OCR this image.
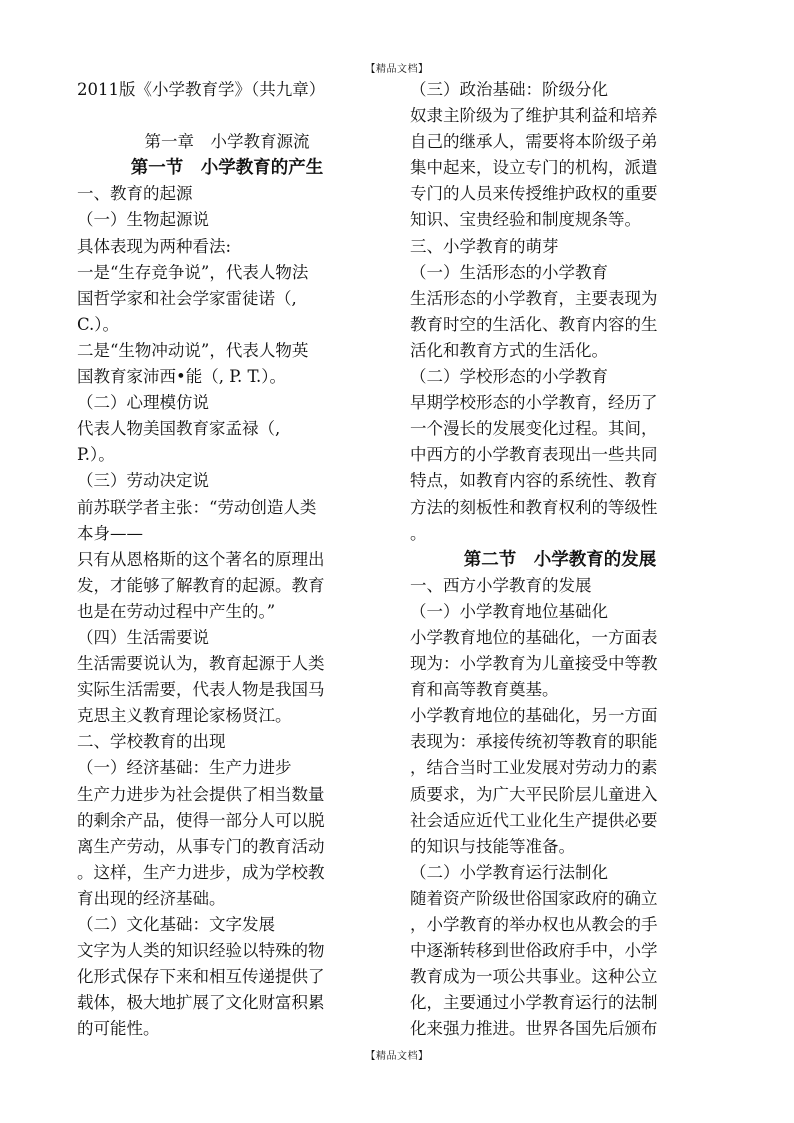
【精品文档】
2011版《小学教育学》（共九章）
第一章　小学教育源流
第一节　小学教育的产生
一、教育的起源
（一）生物起源说
具体表现为两种看法:
一是“生存竞争说”，代表人物法
国哲学家和社会学家雷徒诺（,
C.）。
二是“生物冲动说”，代表人物英
国教育家沛西•能（, P. T.）。
（二）心理模仿说
代表人物美国教育家孟禄（,
P.）。
（三）劳动决定说
前苏联学者主张：“劳动创造人类
本身——
只有从恩格斯的这个著名的原理出
发，才能够了解教育的起源。教育
也是在劳动过程中产生的。”
（四）生活需要说
生活需要说认为，教育起源于人类
实际生活需要，代表人物是我国马
克思主义教育理论家杨贤江。
二、学校教育的出现
（一）经济基础：生产力进步
生产力进步为社会提供了相当数量
的剩余产品，使得一部分人可以脱
离生产劳动，从事专门的教育活动
。这样，生产力进步，成为学校教
育出现的经济基础。
（二）文化基础：文字发展
文字为人类的知识经验以特殊的物
化形式保存下来和相互传递提供了
载体，极大地扩展了文化财富积累
的可能性。
（三）政治基础：阶级分化
奴隶主阶级为了维护其利益和培养
自己的继承人，需要将本阶级子弟
集中起来，设立专门的机构，派遣
专门的人员来传授维护政权的重要
知识、宝贵经验和制度规条等。
三、小学教育的萌芽
（一）生活形态的小学教育
生活形态的小学教育，主要表现为
教育时空的生活化、教育内容的生
活化和教育方式的生活化。
（二）学校形态的小学教育
早期学校形态的小学教育，经历了
一个漫长的发展变化过程。其间，
中西方的小学教育表现出一些共同
特点，如教育内容的系统性、教育
方法的刻板性和教育权利的等级性
。
第二节　小学教育的发展
一、西方小学教育的发展
（一）小学教育地位基础化
小学教育地位的基础化，一方面表
现为：小学教育为儿童接受中等教
育和高等教育奠基。
小学教育地位的基础化，另一方面
表现为：承接传统初等教育的职能
，结合当时工业发展对劳动力的素
质要求，为广大平民阶层儿童进入
社会适应近代工业化生产提供必要
的知识与技能等准备。
（二）小学教育运行法制化
随着资产阶级世俗国家政府的确立
，小学教育的举办权也从教会的手
中逐渐转移到世俗政府手中，小学
教育成为一项公共事业。这种公立
化，主要通过小学教育运行的法制
化来强力推进。世界各国先后颁布
【精品文档】
